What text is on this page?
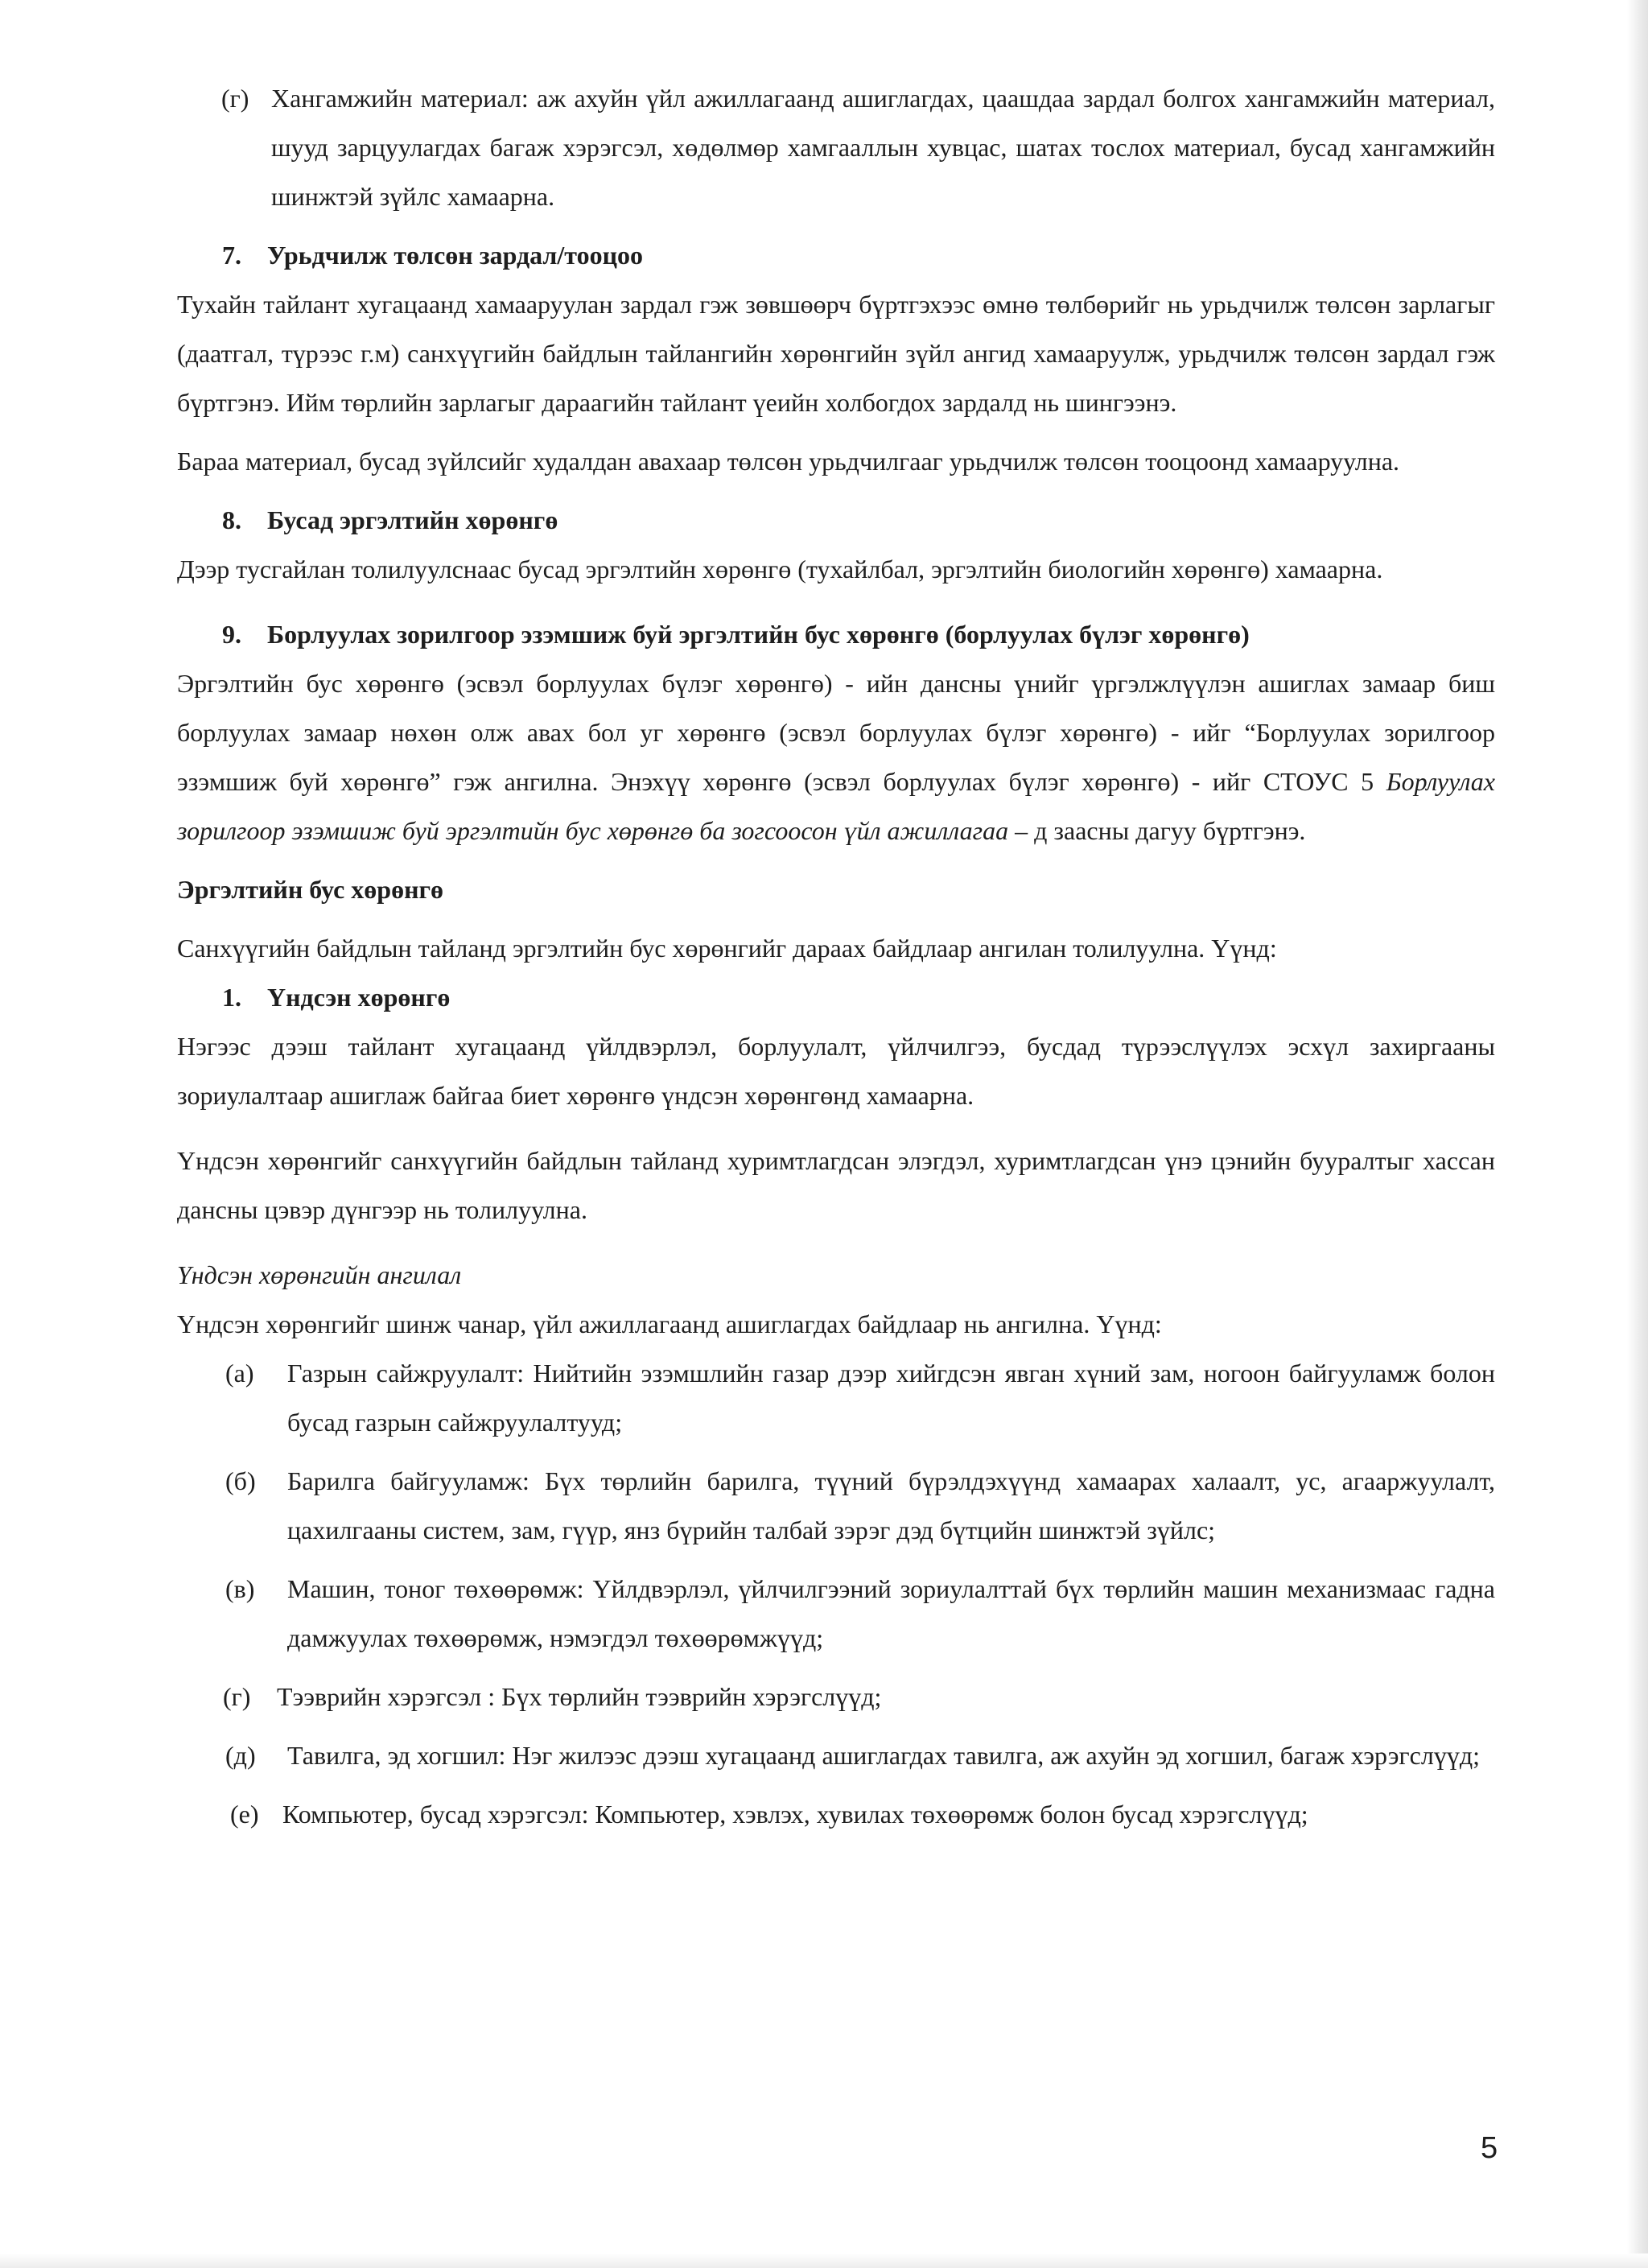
(г) Хангамжийн материал: аж ахуйн үйл ажиллагаанд ашиглагдах, цаашдаа зардал болгох хангамжийн материал, шууд зарцуулагдах багаж хэрэгсэл, хөдөлмөр хамгааллын хувцас, шатах тослох материал, бусад хангамжийн шинжтэй зүйлс хамаарна.
7.	Урьдчилж төлсөн зардал/тооцоо

Тухайн тайлант хугацаанд хамааруулан зардал гэж зөвшөөрч бүртгэхээс өмнө төлбөрийг нь урьдчилж төлсөн зарлагыг (даатгал, түрээс г.м) санхүүгийн байдлын тайлангийн хөрөнгийн зүйл ангид хамааруулж, урьдчилж төлсөн зардал гэж бүртгэнэ. Ийм төрлийн зарлагыг дараагийн тайлант үеийн холбогдох зардалд нь шингээнэ.

Бараа материал, бусад зүйлсийг худалдан авахаар төлсөн урьдчилгааг урьдчилж төлсөн тооцоонд хамааруулна.

8.	Бусад эргэлтийн хөрөнгө

Дээр тусгайлан толилуулснаас бусад эргэлтийн хөрөнгө (тухайлбал, эргэлтийн биологийн хөрөнгө) хамаарна.

9.	Борлуулах зорилгоор эзэмшиж буй эргэлтийн бус хөрөнгө (борлуулах бүлэг хөрөнгө)

Эргэлтийн бус хөрөнгө (эсвэл борлуулах бүлэг хөрөнгө) - ийн дансны үнийг үргэлжлүүлэн ашиглах замаар биш борлуулах замаар нөхөн олж авах бол уг хөрөнгө (эсвэл борлуулах бүлэг хөрөнгө) - ийг “Борлуулах зорилгоор эзэмшиж буй хөрөнгө” гэж ангилна. Энэхүү хөрөнгө (эсвэл борлуулах бүлэг хөрөнгө) - ийг СТОУС 5 Борлуулах зорилгоор эзэмшиж буй эргэлтийн бус хөрөнгө ба зогсоосон үйл ажиллагаа – д заасны дагуу бүртгэнэ.

Эргэлтийн бус хөрөнгө

Санхүүгийн байдлын тайланд эргэлтийн бус хөрөнгийг дараах байдлаар ангилан толилуулна. Үүнд:

1.	Үндсэн хөрөнгө

Нэгээс дээш тайлант хугацаанд үйлдвэрлэл, борлуулалт, үйлчилгээ, бусдад түрээслүүлэх эсхүл захиргааны зориулалтаар ашиглаж байгаа биет хөрөнгө үндсэн хөрөнгөнд хамаарна.

Үндсэн хөрөнгийг санхүүгийн байдлын тайланд хуримтлагдсан элэгдэл, хуримтлагдсан үнэ цэнийн бууралтыг хассан дансны цэвэр дүнгээр нь толилуулна.

Үндсэн хөрөнгийн ангилал

Үндсэн хөрөнгийг шинж чанар, үйл ажиллагаанд ашиглагдах байдлаар нь ангилна. Үүнд:

(а)	Газрын сайжруулалт: Нийтийн эзэмшлийн газар дээр хийгдсэн явган хүний зам, ногоон байгууламж болон бусад газрын сайжруулалтууд;
(б)	Барилга байгууламж: Бүх төрлийн барилга, түүний бүрэлдэхүүнд хамаарах халаалт, ус, агааржуулалт, цахилгааны систем, зам, гүүр, янз бүрийн талбай зэрэг дэд бүтцийн шинжтэй зүйлс;
(в)	Машин, тоног төхөөрөмж: Үйлдвэрлэл, үйлчилгээний зориулалттай бүх төрлийн машин механизмаас гадна дамжуулах төхөөрөмж, нэмэгдэл төхөөрөмжүүд;
(г)	Тээврийн хэрэгсэл : Бүх төрлийн тээврийн хэрэгслүүд;
(д)	Тавилга, эд хогшил: Нэг жилээс дээш хугацаанд ашиглагдах тавилга, аж ахуйн эд хогшил, багаж хэрэгслүүд;
(е) Компьютер, бусад хэрэгсэл: Компьютер, хэвлэх, хувилах төхөөрөмж болон бусад хэрэгслүүд;
5
